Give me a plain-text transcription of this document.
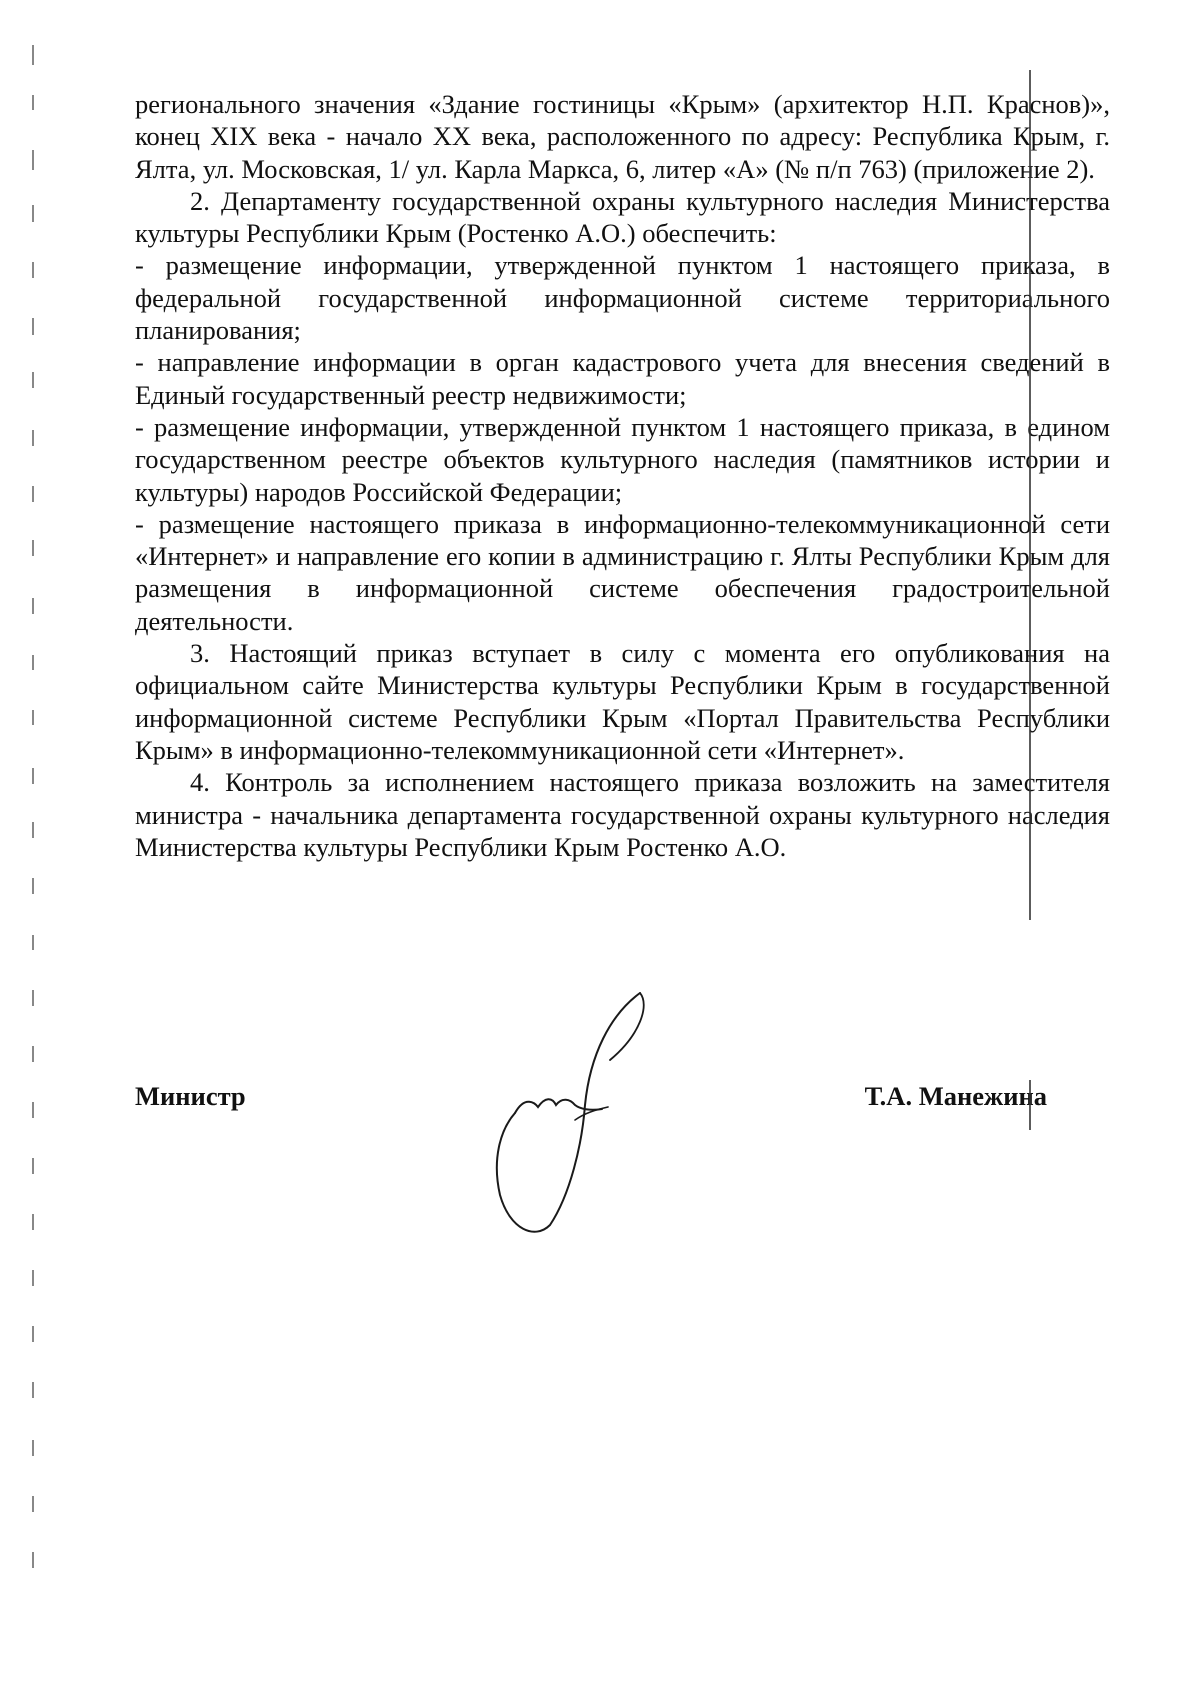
регионального значения «Здание гостиницы «Крым» (архитектор Н.П. Краснов)», конец XIX века - начало XX века, расположенного по адресу: Республика Крым, г. Ялта, ул. Московская, 1/ ул. Карла Маркса, 6, литер «А» (№ п/п 763) (приложение 2).

2. Департаменту государственной охраны культурного наследия Министерства культуры Республики Крым (Ростенко А.О.) обеспечить:

- размещение информации, утвержденной пунктом 1 настоящего приказа, в федеральной государственной информационной системе территориального планирования;

- направление информации в орган кадастрового учета для внесения сведений в Единый государственный реестр недвижимости;

- размещение информации, утвержденной пунктом 1 настоящего приказа, в едином государственном реестре объектов культурного наследия (памятников истории и культуры) народов Российской Федерации;

- размещение настоящего приказа в информационно-телекоммуникационной сети «Интернет» и направление его копии в администрацию г. Ялты Республики Крым для размещения в информационной системе обеспечения градостроительной деятельности.

3. Настоящий приказ вступает в силу с момента его опубликования на официальном сайте Министерства культуры Республики Крым в государственной информационной системе Республики Крым «Портал Правительства Республики Крым» в информационно-телекоммуникационной сети «Интернет».

4. Контроль за исполнением настоящего приказа возложить на заместителя министра - начальника департамента государственной охраны культурного наследия Министерства культуры Республики Крым Ростенко А.О.

Министр	Т.А. Манежина
